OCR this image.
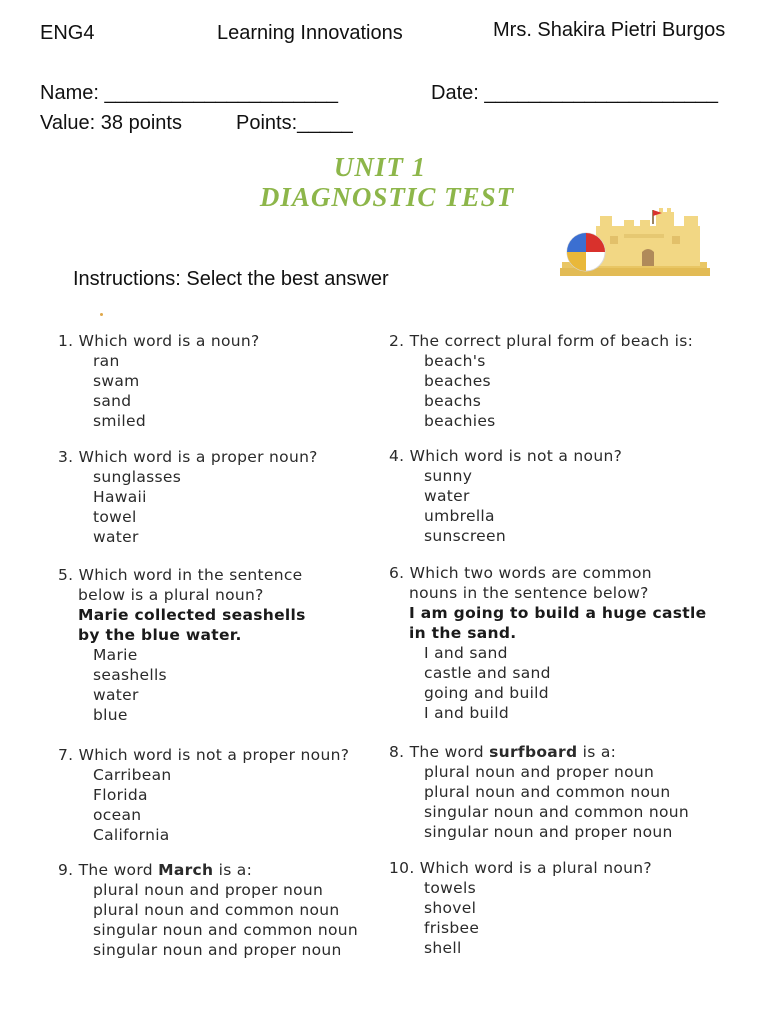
ENG4	Learning Innovations	Mrs. Shakira Pietri Burgos
Name: _____________________	Date: _____________________
Value: 38 points	Points:_____
UNIT 1
DIAGNOSTIC TEST
Instructions: Select the best answer
1. Which word is a noun?
ran
swam
sand
smiled
2. The correct plural form of beach is:
beach's
beaches
beachs
beachies
3. Which word is a proper noun?
sunglasses
Hawaii
towel
water
4. Which word is not a noun?
sunny
water
umbrella
sunscreen
5. Which word in the sentence
below is a plural noun?
Marie collected seashells
by the blue water.
Marie
seashells
water
blue
6. Which two words are common
nouns in the sentence below?
I am going to build a huge castle
in the sand.
I and sand
castle and sand
going and build
I and build
7. Which word is not a proper noun?
Carribean
Florida
ocean
California
8. The word surfboard is a:
plural noun and proper noun
plural noun and common noun
singular noun and common noun
singular noun and proper noun
9. The word March is a:
plural noun and proper noun
plural noun and common noun
singular noun and common noun
singular noun and proper noun
10. Which word is a plural noun?
towels
shovel
frisbee
shell
